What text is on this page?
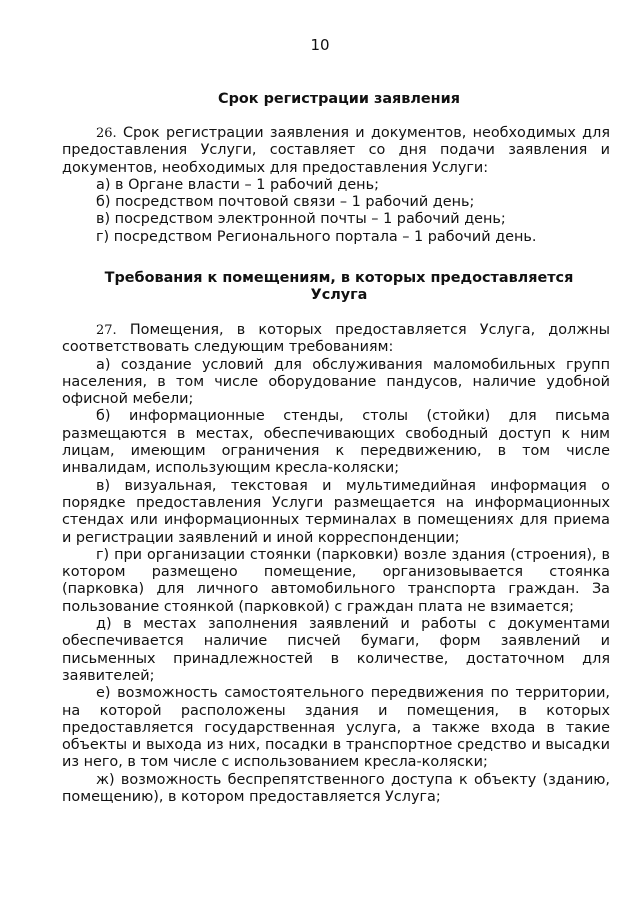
10
Срок регистрации заявления

26. Срок регистрации заявления и документов, необходимых для предоставления Услуги, составляет со дня подачи заявления и документов, необходимых для предоставления Услуги:

а) в Органе власти – 1 рабочий день;

б) посредством почтовой связи – 1 рабочий день;

в) посредством электронной почты – 1 рабочий день;

г) посредством Регионального портала – 1 рабочий день.

Требования к помещениям, в которых предоставляется Услуга

27. Помещения, в которых предоставляется Услуга, должны соответствовать следующим требованиям:

а) создание условий для обслуживания маломобильных групп населения, в том числе оборудование пандусов, наличие удобной офисной мебели;

б) информационные стенды, столы (стойки) для письма размещаются в местах, обеспечивающих свободный доступ к ним лицам, имеющим ограничения к передвижению, в том числе инвалидам, использующим кресла-коляски;

в) визуальная, текстовая и мультимедийная информация о порядке предоставления Услуги размещается на информационных стендах или информационных терминалах в помещениях для приема и регистрации заявлений и иной корреспонденции;

г) при организации стоянки (парковки) возле здания (строения), в котором размещено помещение, организовывается стоянка (парковка) для личного автомобильного транспорта граждан. За пользование стоянкой (парковкой) с граждан плата не взимается;

д) в местах заполнения заявлений и работы с документами обеспечивается наличие писчей бумаги, форм заявлений и письменных принадлежностей в количестве, достаточном для заявителей;

е) возможность самостоятельного передвижения по территории, на которой расположены здания и помещения, в которых предоставляется государственная услуга, а также входа в такие объекты и выхода из них, посадки в транспортное средство и высадки из него, в том числе с использованием кресла-коляски;

ж) возможность беспрепятственного доступа к объекту (зданию, помещению), в котором предоставляется Услуга;
